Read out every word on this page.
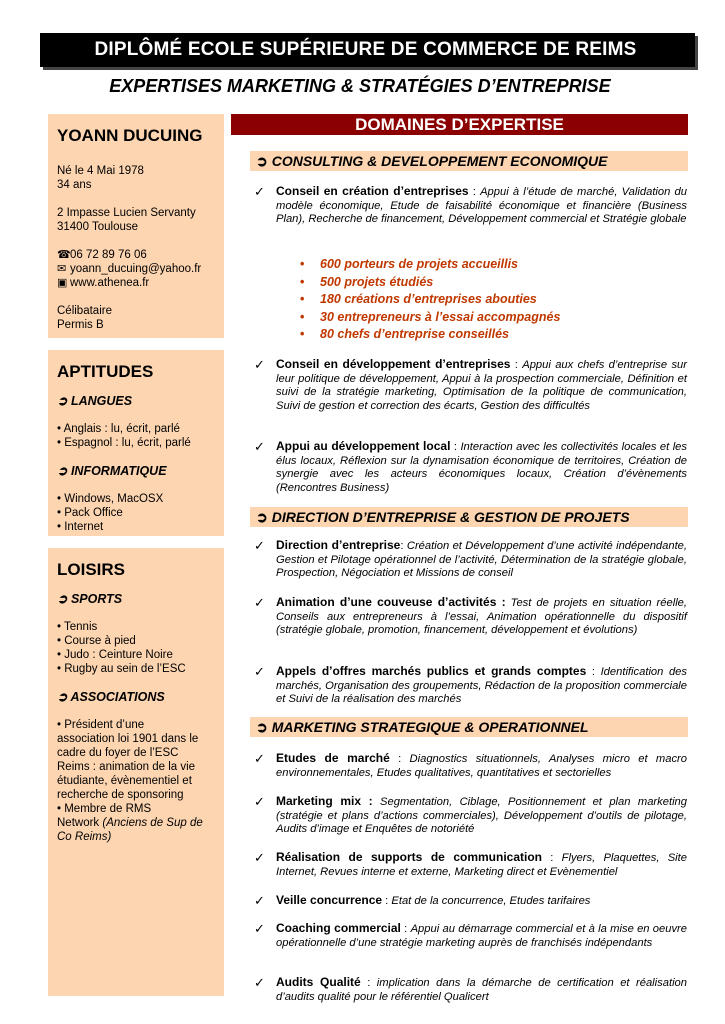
DIPLÔMÉ ECOLE SUPÉRIEURE DE COMMERCE DE REIMS
EXPERTISES MARKETING & STRATÉGIES D’ENTREPRISE
YOANN DUCUING
Né le 4 Mai 1978
34 ans
2 Impasse Lucien Servanty
31400 Toulouse
☎06 72 89 76 06
✉ yoann_ducuing@yahoo.fr
▣ www.athenea.fr
Célibataire
Permis B
APTITUDES
➲ LANGUES
• Anglais : lu, écrit, parlé
• Espagnol : lu, écrit, parlé
➲ INFORMATIQUE
• Windows, MacOSX
• Pack Office
• Internet
LOISIRS
➲ SPORTS
• Tennis
• Course à pied
• Judo : Ceinture Noire
• Rugby au sein de l’ESC
➲ ASSOCIATIONS
• Président d’une
association loi 1901 dans le
cadre du foyer de l’ESC
Reims : animation de la vie
étudiante, évènementiel et
recherche de sponsoring
• Membre de RMS
Network (Anciens de Sup de
Co Reims)
DOMAINES D’EXPERTISE
➲ CONSULTING & DEVELOPPEMENT ECONOMIQUE
✓ Conseil en création d’entreprises : Appui à l’étude de marché, Validation du modèle économique, Etude de faisabilité économique et financière (Business Plan), Recherche de financement, Développement commercial et Stratégie globale
• 600 porteurs de projets accueillis
• 500 projets étudiés
• 180 créations d’entreprises abouties
• 30 entrepreneurs à l’essai accompagnés
• 80 chefs d’entreprise conseillés
✓ Conseil en développement d’entreprises : Appui aux chefs d’entreprise sur leur politique de développement, Appui à la prospection commerciale, Définition et suivi de la stratégie marketing, Optimisation de la politique de communication, Suivi de gestion et correction des écarts, Gestion des difficultés
✓ Appui au développement local : Interaction avec les collectivités locales et les élus locaux, Réflexion sur la dynamisation économique de territoires, Création de synergie avec les acteurs économiques locaux, Création d’évènements (Rencontres Business)
➲ DIRECTION D’ENTREPRISE & GESTION DE PROJETS
✓ Direction d’entreprise: Création et Développement d’une activité indépendante, Gestion et Pilotage opérationnel de l’activité, Détermination de la stratégie globale, Prospection, Négociation et Missions de conseil
✓ Animation d’une couveuse d’activités : Test de projets en situation réelle, Conseils aux entrepreneurs à l’essai, Animation opérationnelle du dispositif (stratégie globale, promotion, financement, développement et évolutions)
✓ Appels d’offres marchés publics et grands comptes : Identification des marchés, Organisation des groupements, Rédaction de la proposition commerciale et Suivi de la réalisation des marchés
➲ MARKETING STRATEGIQUE & OPERATIONNEL
✓ Etudes de marché : Diagnostics situationnels, Analyses micro et macro environnementales, Etudes qualitatives, quantitatives et sectorielles
✓ Marketing mix : Segmentation, Ciblage, Positionnement et plan marketing (stratégie et plans d’actions commerciales), Développement d’outils de pilotage, Audits d’image et Enquêtes de notoriété
✓ Réalisation de supports de communication : Flyers, Plaquettes, Site Internet, Revues interne et externe, Marketing direct et Evènementiel
✓ Veille concurrence : Etat de la concurrence, Etudes tarifaires
✓ Coaching commercial : Appui au démarrage commercial et à la mise en oeuvre opérationnelle d’une stratégie marketing auprès de franchisés indépendants
✓ Audits Qualité : implication dans la démarche de certification et réalisation d’audits qualité pour le référentiel Qualicert
